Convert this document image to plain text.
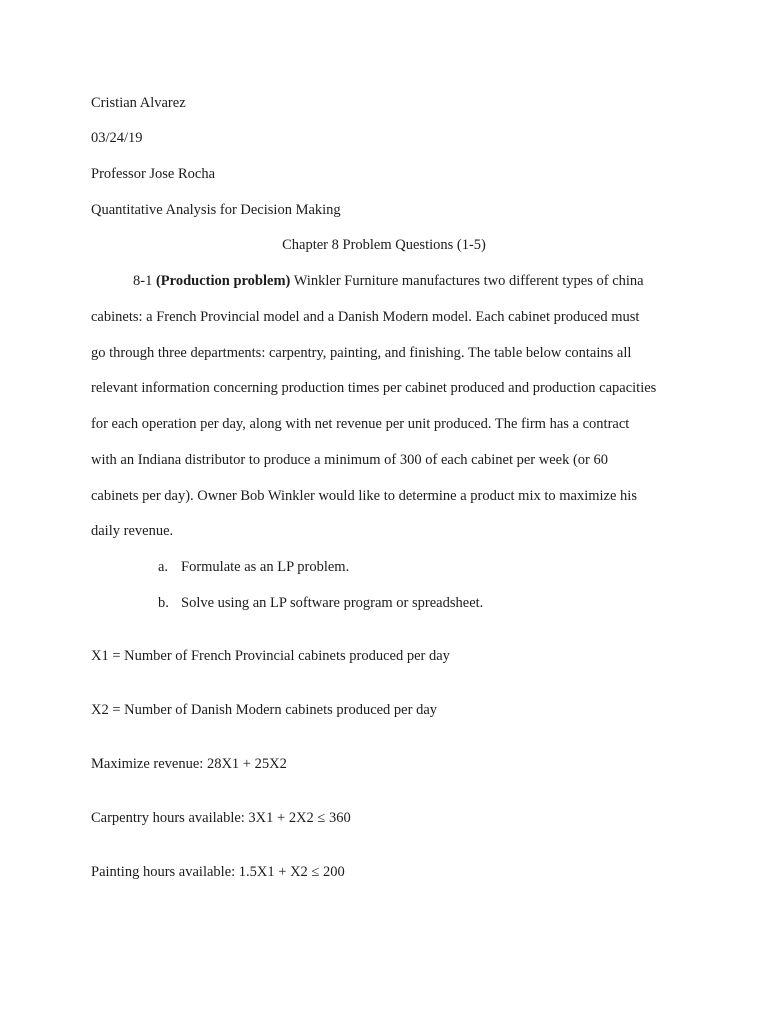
Cristian Alvarez
03/24/19
Professor Jose Rocha
Quantitative Analysis for Decision Making
Chapter 8 Problem Questions (1-5)
8-1 (Production problem) Winkler Furniture manufactures two different types of china
cabinets: a French Provincial model and a Danish Modern model. Each cabinet produced must
go through three departments: carpentry, painting, and finishing. The table below contains all
relevant information concerning production times per cabinet produced and production capacities
for each operation per day, along with net revenue per unit produced. The firm has a contract
with an Indiana distributor to produce a minimum of 300 of each cabinet per week (or 60
cabinets per day). Owner Bob Winkler would like to determine a product mix to maximize his
daily revenue.
a. Formulate as an LP problem.
b. Solve using an LP software program or spreadsheet.
X1 = Number of French Provincial cabinets produced per day
X2 = Number of Danish Modern cabinets produced per day
Maximize revenue: 28X1 + 25X2
Carpentry hours available: 3X1 + 2X2 ≤ 360
Painting hours available: 1.5X1 + X2 ≤ 200
